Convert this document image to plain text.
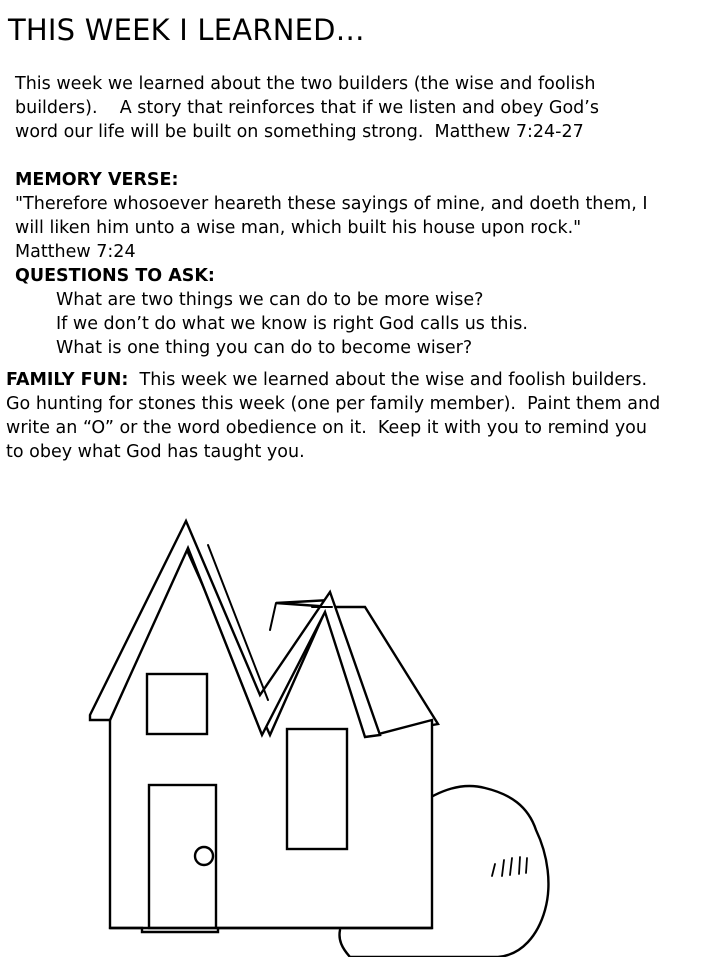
THIS WEEK I LEARNED…
This week we learned about the two builders (the wise and foolish
builders).    A story that reinforces that if we listen and obey God’s
word our life will be built on something strong.  Matthew 7:24-27
MEMORY VERSE:
"Therefore whosoever heareth these sayings of mine, and doeth them, I
will liken him unto a wise man, which built his house upon rock."
Matthew 7:24
QUESTIONS TO ASK:
What are two things we can do to be more wise?
If we don’t do what we know is right God calls us this.
What is one thing you can do to become wiser?
FAMILY FUN:  This week we learned about the wise and foolish builders.
Go hunting for stones this week (one per family member).  Paint them and
write an “O” or the word obedience on it.  Keep it with you to remind you
to obey what God has taught you.
